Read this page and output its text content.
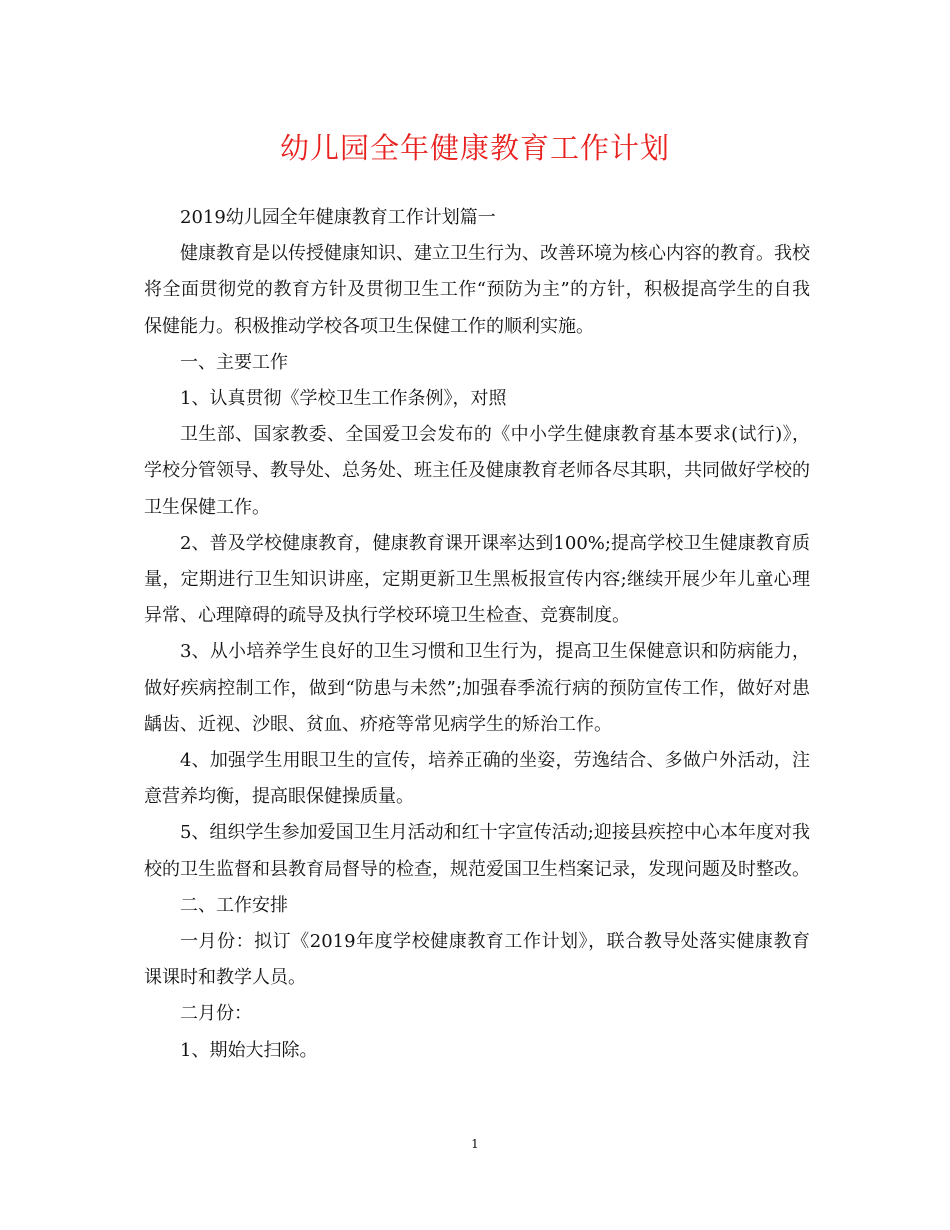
幼儿园全年健康教育工作计划

2019幼儿园全年健康教育工作计划篇一

健康教育是以传授健康知识、建立卫生行为、改善环境为核心内容的教育。我校将全面贯彻党的教育方针及贯彻卫生工作“预防为主”的方针，积极提高学生的自我保健能力。积极推动学校各项卫生保健工作的顺利实施。

一、主要工作

1、认真贯彻《学校卫生工作条例》，对照

卫生部、国家教委、全国爱卫会发布的《中小学生健康教育基本要求(试行)》，学校分管领导、教导处、总务处、班主任及健康教育老师各尽其职，共同做好学校的卫生保健工作。

2、普及学校健康教育，健康教育课开课率达到100%;提高学校卫生健康教育质量，定期进行卫生知识讲座，定期更新卫生黑板报宣传内容;继续开展少年儿童心理异常、心理障碍的疏导及执行学校环境卫生检查、竞赛制度。

3、从小培养学生良好的卫生习惯和卫生行为，提高卫生保健意识和防病能力，做好疾病控制工作，做到“防患与未然”;加强春季流行病的预防宣传工作，做好对患龋齿、近视、沙眼、贫血、疥疮等常见病学生的矫治工作。

4、加强学生用眼卫生的宣传，培养正确的坐姿，劳逸结合、多做户外活动，注意营养均衡，提高眼保健操质量。

5、组织学生参加爱国卫生月活动和红十字宣传活动;迎接县疾控中心本年度对我校的卫生监督和县教育局督导的检查，规范爱国卫生档案记录，发现问题及时整改。

二、工作安排

一月份：拟订《2019年度学校健康教育工作计划》，联合教导处落实健康教育课课时和教学人员。

二月份：

1、期始大扫除。

1
